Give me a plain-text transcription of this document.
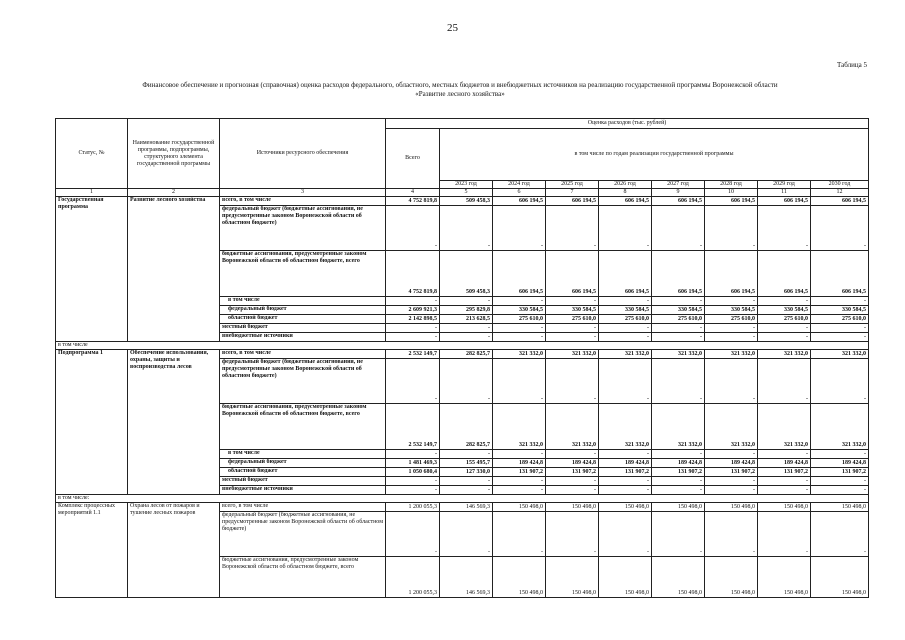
25
Таблица 5
Финансовое обеспечение и прогнозная (справочная) оценка расходов федерального, областного, местных бюджетов и внебюджетных источников на реализацию государственной программы Воронежской области
«Развитие лесного хозяйства»
Статус, №	Наименование государственной программы, подпрограммы, структурного элемента государственной программы	Источники ресурсного обеспечения	Оценка расходов (тыс. рублей)								
			Всего	в том числе по годам реализации государственной программы							
				2023 год	2024 год	2025 год	2026 год	2027 год	2028 год	2029 год	2030 год
1	2	3	4	5	6	7	8	9	10	11	12
Государственная программа	Развитие лесного хозяйства	всего, в том числе	4 752 819,8	509 458,3	606 194,5	606 194,5	606 194,5	606 194,5	606 194,5	606 194,5	606 194,5
		федеральный бюджет (бюджетные ассигнования, не предусмотренные законом Воронежской области об областном бюджете)	-	-	-	-	-	-	-	-	-
		бюджетные ассигнования, предусмотренные законом Воронежской области об областном бюджете, всего	4 752 819,8	509 458,3	606 194,5	606 194,5	606 194,5	606 194,5	606 194,5	606 194,5	606 194,5
		в том числе	-	-	-	-	-	-	-	-	-
		федеральный бюджет	2 609 921,3	295 829,8	330 584,5	330 584,5	330 584,5	330 584,5	330 584,5	330 584,5	330 584,5
		областной бюджет	2 142 898,5	213 628,5	275 610,0	275 610,0	275 610,0	275 610,0	275 610,0	275 610,0	275 610,0
		местный бюджет	-	-	-	-	-	-	-	-	-
		внебюджетные источники	-	-	-	-	-	-	-	-	-
в том числе											
Подпрограмма 1	Обеспечение использования, охраны, защиты и воспроизводства лесов	всего, в том числе	2 532 149,7	282 825,7	321 332,0	321 332,0	321 332,0	321 332,0	321 332,0	321 332,0	321 332,0
		федеральный бюджет (бюджетные ассигнования, не предусмотренные законом Воронежской области об областном бюджете)	-	-	-	-	-	-	-	-	-
		бюджетные ассигнования, предусмотренные законом Воронежской области об областном бюджете, всего	2 532 149,7	282 825,7	321 332,0	321 332,0	321 332,0	321 332,0	321 332,0	321 332,0	321 332,0
		в том числе	-	-	-	-	-	-	-	-	-
		федеральный бюджет	1 481 469,3	155 495,7	189 424,8	189 424,8	189 424,8	189 424,8	189 424,8	189 424,8	189 424,8
		областной бюджет	1 050 680,4	127 330,0	131 907,2	131 907,2	131 907,2	131 907,2	131 907,2	131 907,2	131 907,2
		местный бюджет	-	-	-	-	-	-	-	-	-
		внебюджетные источники	-	-	-	-	-	-	-	-	-
в том числе:											
Комплекс процессных мероприятий 1.1	Охрана лесов от пожаров и тушение лесных пожаров	всего, в том числе	1 200 055,3	146 569,3	150 498,0	150 498,0	150 498,0	150 498,0	150 498,0	150 498,0	150 498,0
		федеральный бюджет (бюджетные ассигнования, не предусмотренные законом Воронежской области об областном бюджете)	-	-	-	-	-	-	-	-	-
		бюджетные ассигнования, предусмотренные законом Воронежской области об областном бюджете, всего	1 200 055,3	146 569,3	150 498,0	150 498,0	150 498,0	150 498,0	150 498,0	150 498,0	150 498,0
